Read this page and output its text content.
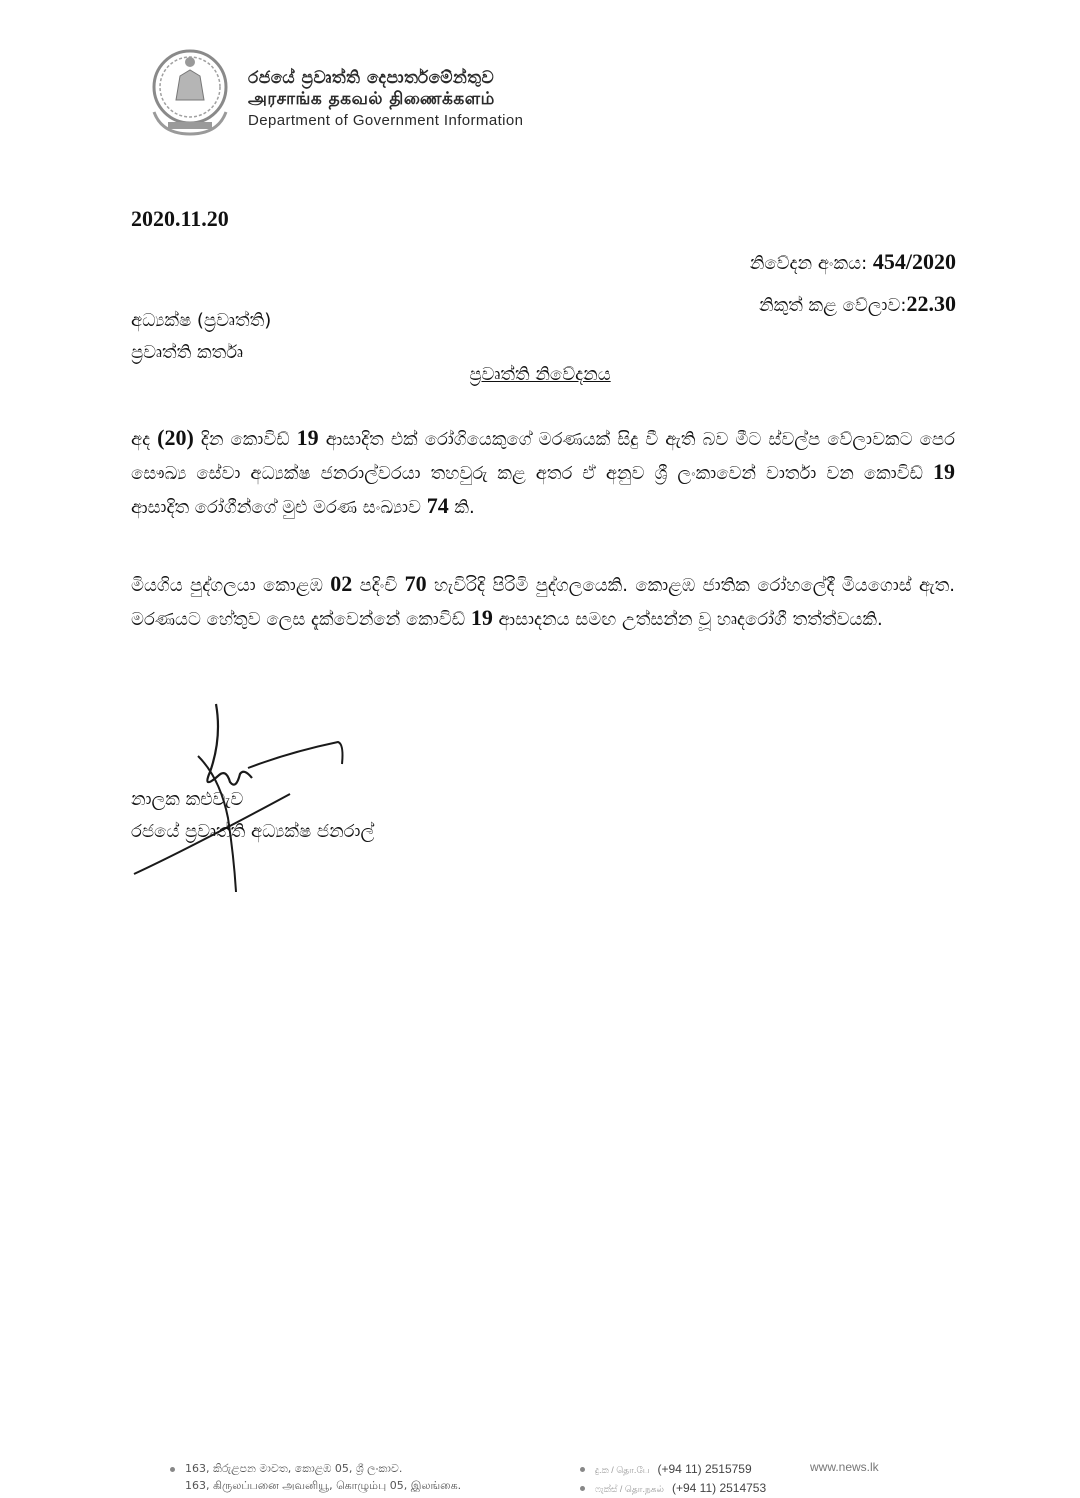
රජයේ ප්‍රවෘත්ති දෙපාර්තමේන්තුව
அரசாங்க தகவல் திணைக்களம்
Department of Government Information
2020.11.20
නිවේදන අංකය: 454/2020
නිකුත් කළ වේලාව:22.30
අධ්‍යක්ෂ (ප්‍රවෘත්ති)
ප්‍රවෘත්ති කර්තෘ
ප්‍රවෘත්ති නිවේදනය
අද (20) දින කොවිඩ් 19 ආසාදිත එක් රෝගියෙකුගේ මරණයක් සිදු වී ඇති බව මීට ස්වල්ප වේලාවකට පෙර සෞඛ්‍ය සේවා අධ්‍යක්ෂ ජනරාල්වරයා තහවුරු කළ අතර ඒ අනුව ශ්‍රී ලංකාවෙන් වාර්තා වන කොවිඩ් 19 ආසාදිත රෝගීන්ගේ මුළු මරණ සංඛ්‍යාව 74 කි.
මියගිය පුද්ගලයා කොළඹ 02 පදිංචි 70 හැවිරිදි පිරිමි පුද්ගලයෙකි. කොළඹ ජාතික රෝහලේදී මියගොස් ඇත. මරණයට හේතුව ලෙස දැක්වෙන්නේ කොවිඩ් 19 ආසාදනය සමඟ උත්සන්න වූ හෘදරෝගී තත්ත්වයකි.
නාලක කළුවැව
රජයේ ප්‍රවෘත්ති අධ්‍යක්ෂ ජනරාල්
163, කිරුළපන මාවත, කොළඹ 05, ශ්‍රී ලංකාව.
163, கிருலப்பனை அவனியூ, கொழும்பு 05, இலங்கை.
දු.ක / தொ.பே (+94 11) 2515759
ෆැක්ස් / தொ.நகல் (+94 11) 2514753
www.news.lk
